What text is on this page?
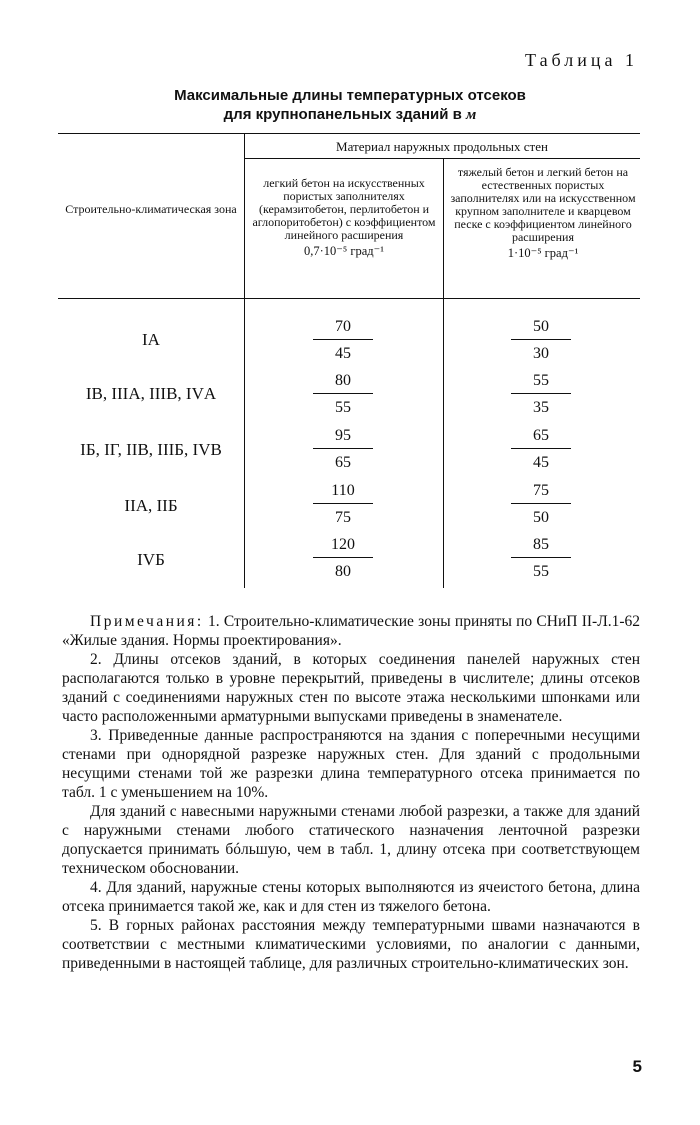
Таблица 1
Максимальные длины температурных отсеков
для крупнопанельных зданий в м
Строительно-климатическая зона
Материал наружных продольных стен
легкий бетон на искусственных пористых заполнителях (керамзитобетон, перлитобетон и аглопоритобетон) с коэффициентом линейного расширения
0,7·10⁻⁵ град⁻¹
тяжелый бетон и легкий бетон на естественных пористых заполнителях или на искусственном крупном заполнителе и кварцевом песке с коэффициентом линейного расширения
1·10⁻⁵ град⁻¹
IА	$\frac{70}{45}$	$\frac{50}{30}$
IВ, IIIА, IIIВ, IVА	$\frac{80}{55}$	$\frac{55}{35}$
IБ, IГ, IIВ, IIIБ, IVВ	$\frac{95}{65}$	$\frac{65}{45}$
IIА, IIБ	$\frac{110}{75}$	$\frac{75}{50}$
IVБ	$\frac{120}{80}$	$\frac{85}{55}$

Примечания: 1. Строительно-климатические зоны приняты по СНиП II-Л.1-62 «Жилые здания. Нормы проектирования».

2. Длины отсеков зданий, в которых соединения панелей наружных стен располагаются только в уровне перекрытий, приведены в числителе; длины отсеков зданий с соединениями наружных стен по высоте этажа несколькими шпонками или часто расположенными арматурными выпусками приведены в знаменателе.

3. Приведенные данные распространяются на здания с поперечными несущими стенами при однорядной разрезке наружных стен. Для зданий с продольными несущими стенами той же разрезки длина температурного отсека принимается по табл. 1 с уменьшением на 10%.

Для зданий с навесными наружными стенами любой разрезки, а также для зданий с наружными стенами любого статического назначения ленточной разрезки допускается принимать бóльшую, чем в табл. 1, длину отсека при соответствующем техническом обосновании.

4. Для зданий, наружные стены которых выполняются из ячеистого бетона, длина отсека принимается такой же, как и для стен из тяжелого бетона.

5. В горных районах расстояния между температурными швами назначаются в соответствии с местными климатическими условиями, по аналогии с данными, приведенными в настоящей таблице, для различных строительно-климатических зон.

5
